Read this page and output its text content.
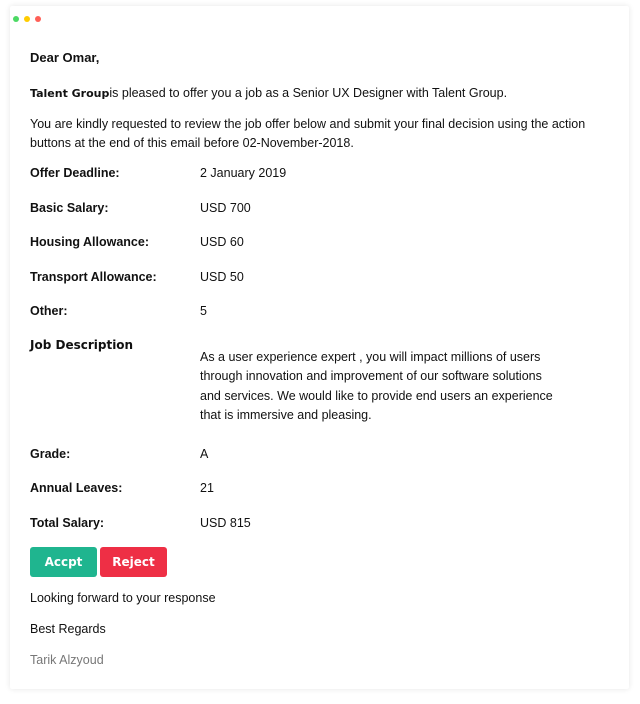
Dear Omar,

Talent Groupis pleased to offer you a job as a Senior UX Designer with Talent Group.
You are kindly requested to review the job offer below and submit your final decision using the action buttons at the end of this email before 02-November-2018.
Offer Deadline:	2 January 2019
Basic Salary:	USD 700
Housing Allowance:	USD 60
Transport Allowance:	USD 50
Other:	5
Job Description
As a user experience expert , you will impact millions of users through innovation and improvement of our software solutions and services. We would like to provide end users an experience that is immersive and pleasing.
Grade:	A
Annual Leaves:	21
Total Salary:	USD 815
Accpt	Reject
Looking forward to your response
Best Regards
Tarik Alzyoud
